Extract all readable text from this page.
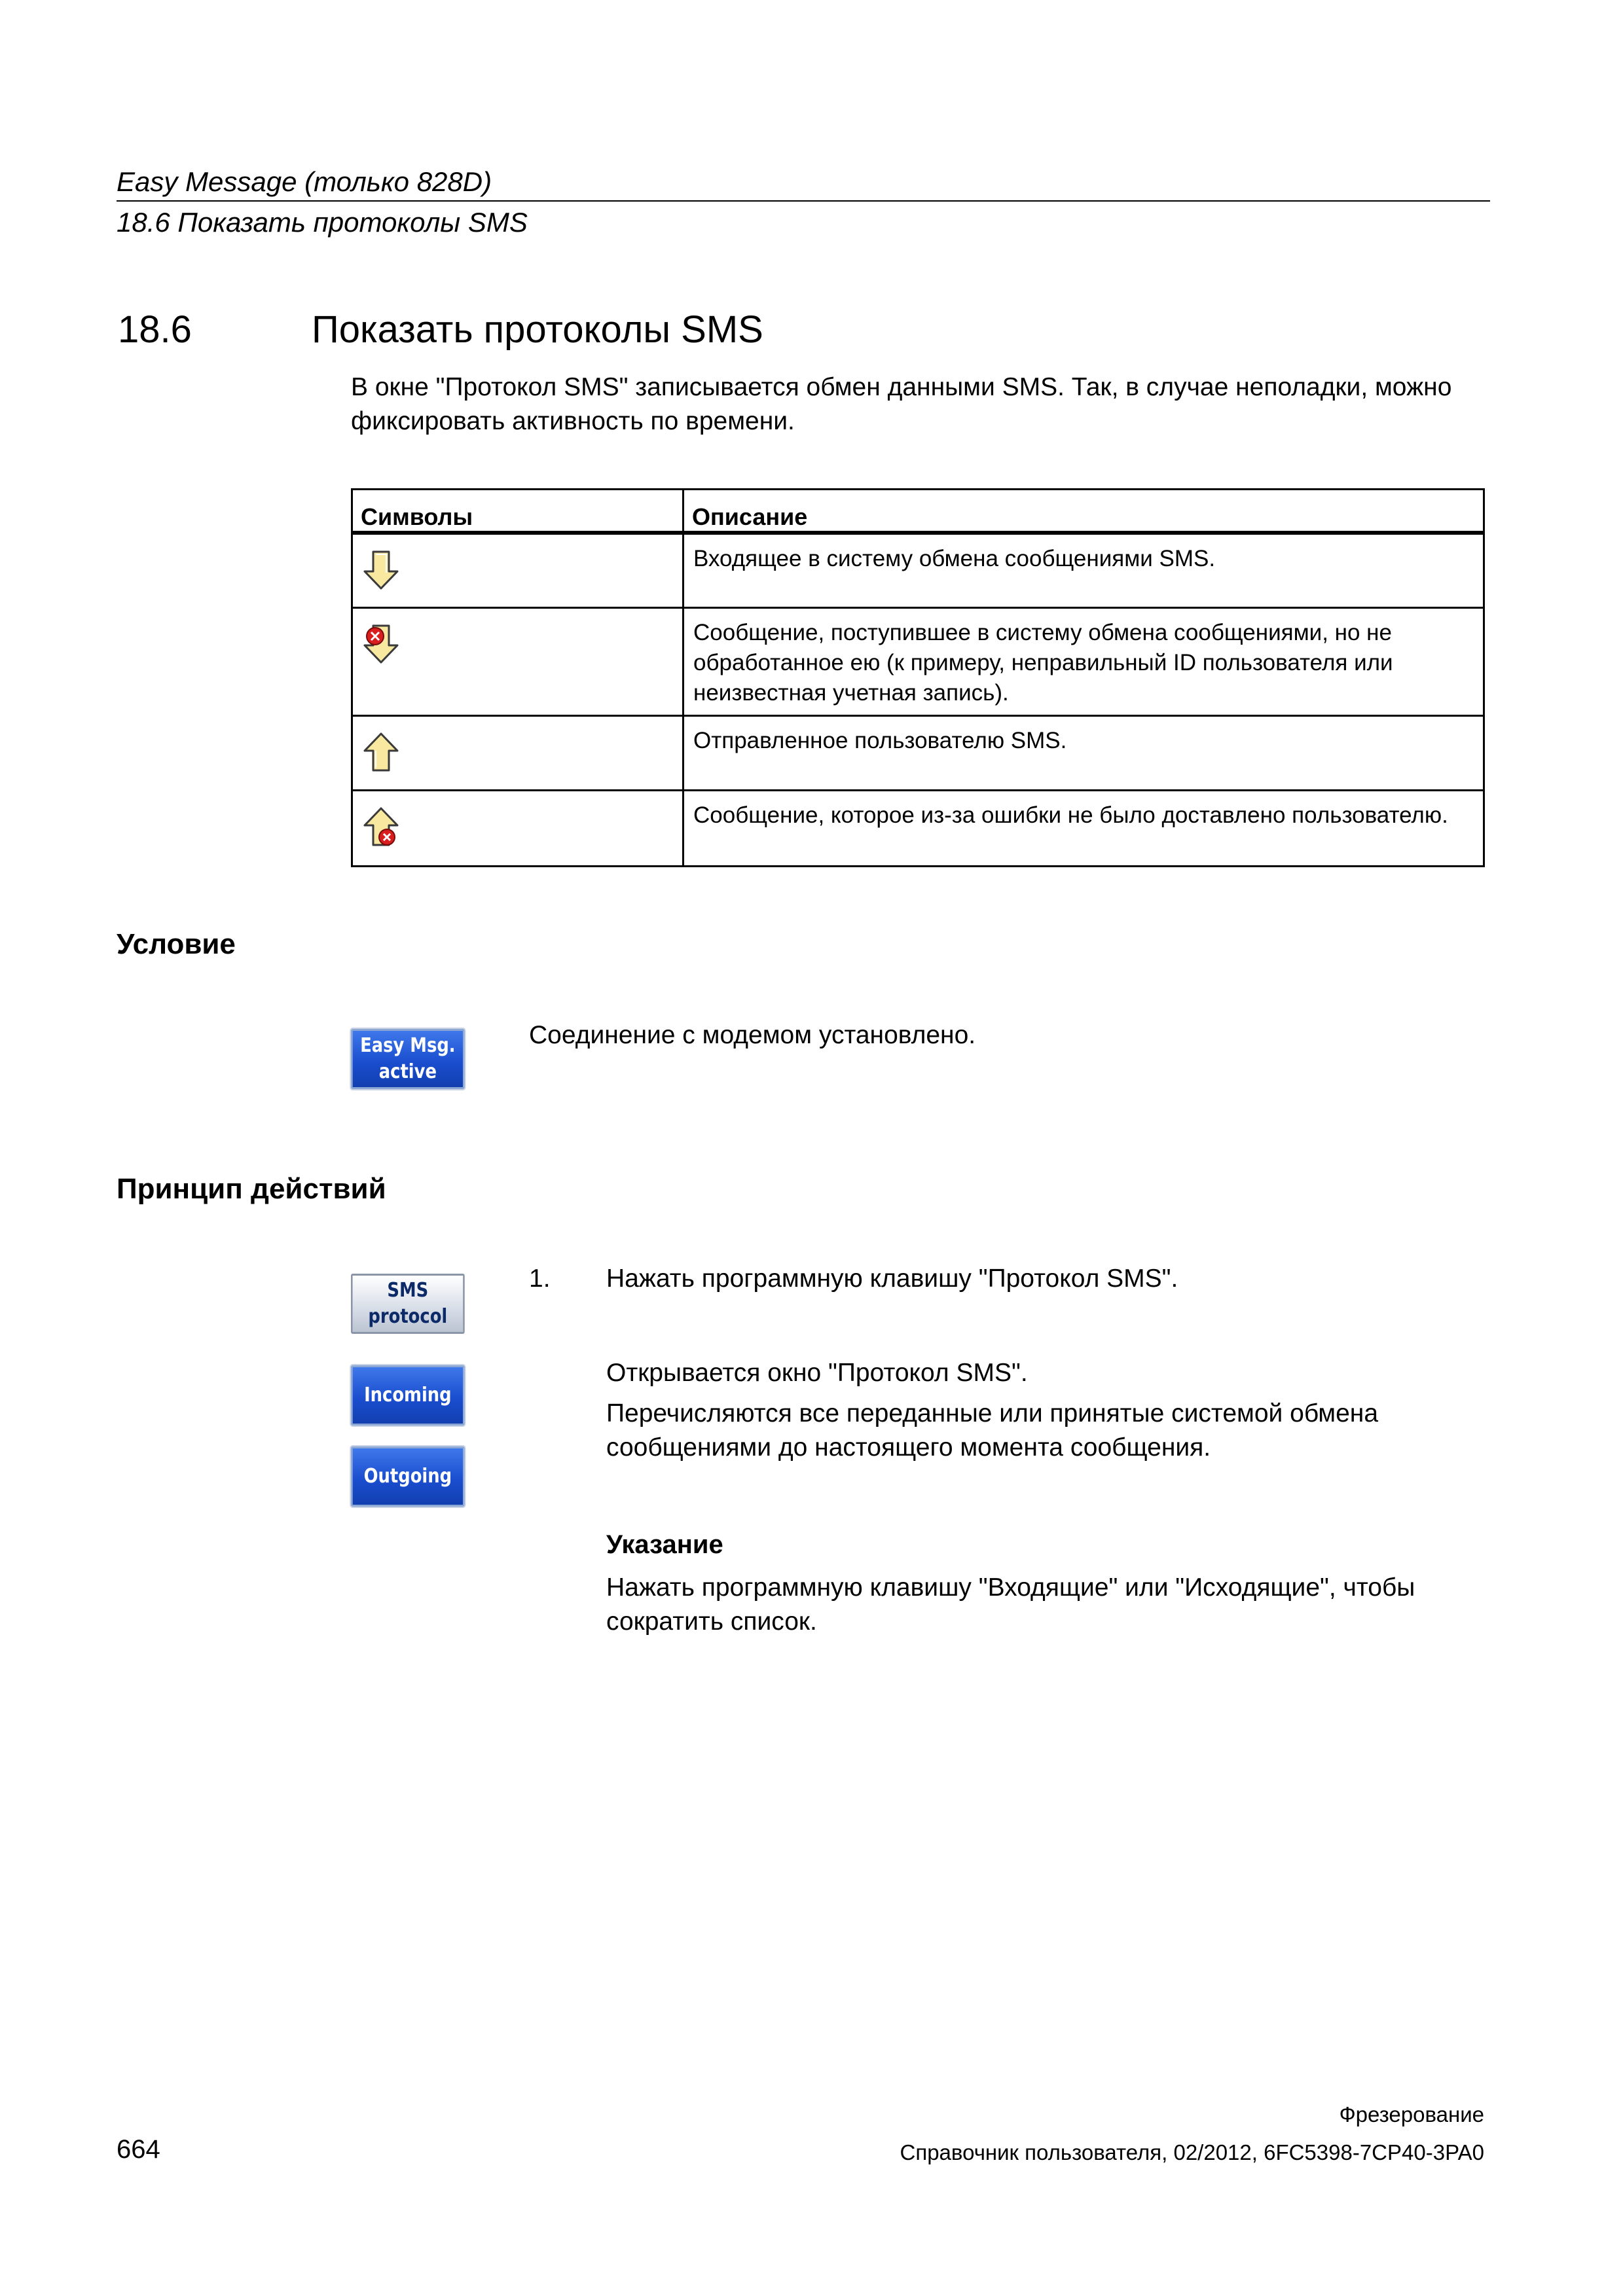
Easy Message (только 828D)
18.6 Показать протоколы SMS
18.6	Показать протоколы SMS
В окне "Протокол SMS" записывается обмен данными SMS. Так, в случае неполадки, можно фиксировать активность по времени.
Символы	Описание
	Входящее в систему обмена сообщениями SMS.
	Сообщение, поступившее в систему обмена сообщениями, но не обработанное ею (к примеру, неправильный ID пользователя или неизвестная учетная запись).
	Отправленное пользователю SMS.
	Сообщение, которое из-за ошибки не было доставлено пользователю.
Условие
Easy Msg.
active
Соединение с модемом установлено.
Принцип действий
SMS
protocol
Incoming
Outgoing
1. Нажать программную клавишу "Протокол SMS".
Открывается окно "Протокол SMS".
Перечисляются все переданные или принятые системой обмена сообщениями до настоящего момента сообщения.
Указание
Нажать программную клавишу "Входящие" или "Исходящие", чтобы сократить список.
Фрезерование
Справочник пользователя, 02/2012, 6FC5398-7CP40-3PA0
664
